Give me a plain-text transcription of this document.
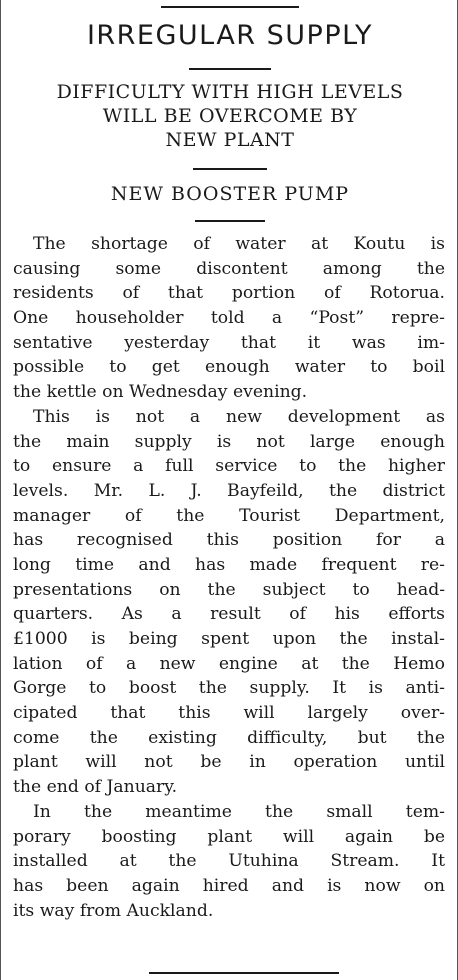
IRREGULAR SUPPLY
DIFFICULTY WITH HIGH LEVELS
WILL BE OVERCOME BY
NEW PLANT
NEW BOOSTER PUMP
The shortage of water at Koutu is
causing some discontent among the
residents of that portion of Rotorua.
One householder told a “Post” repre-
sentative yesterday that it was im-
possible to get enough water to boil
the kettle on Wednesday evening.
This is not a new development as
the main supply is not large enough
to ensure a full service to the higher
levels. Mr. L. J. Bayfeild, the district
manager of the Tourist Department,
has recognised this position for a
long time and has made frequent re-
presentations on the subject to head-
quarters. As a result of his efforts
£1000 is being spent upon the instal-
lation of a new engine at the Hemo
Gorge to boost the supply. It is anti-
cipated that this will largely over-
come the existing difficulty, but the
plant will not be in operation until
the end of January.
In the meantime the small tem-
porary boosting plant will again be
installed at the Utuhina Stream. It
has been again hired and is now on
its way from Auckland.
